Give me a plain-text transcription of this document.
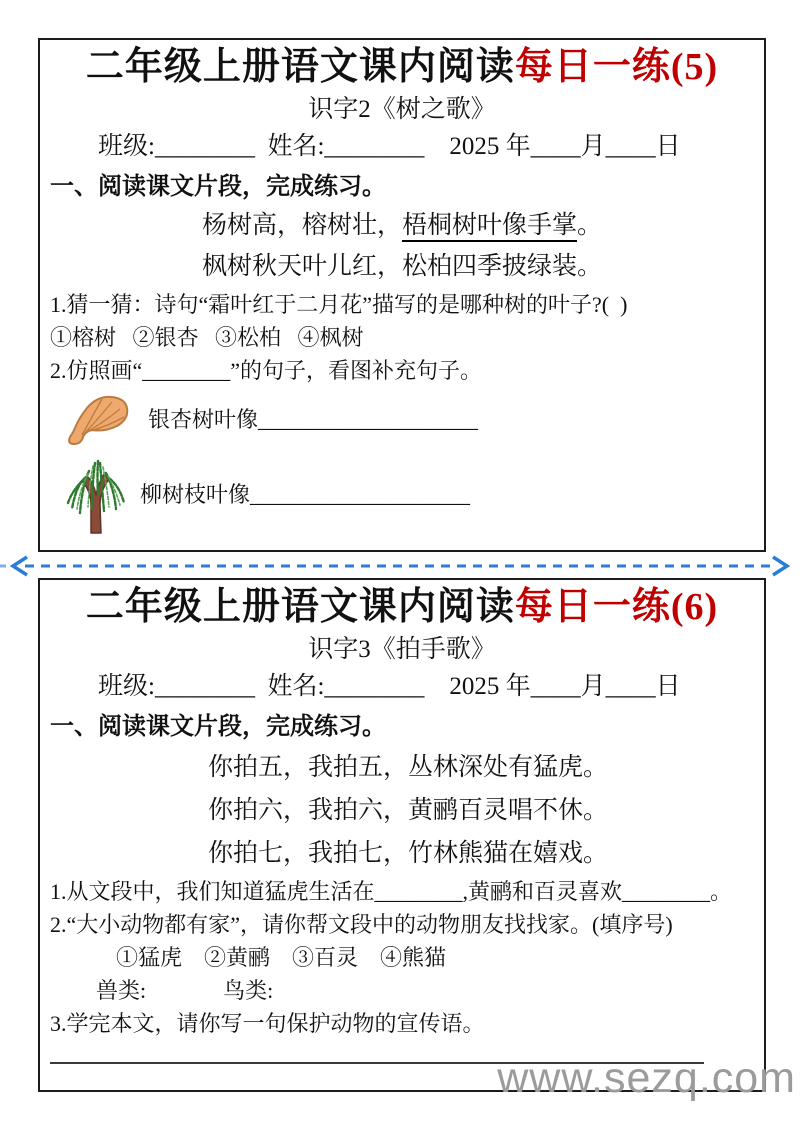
二年级上册语文课内阅读每日一练(5)
识字2《树之歌》
班级:________  姓名:________    2025 年____月____日
一、阅读课文片段，完成练习。

杨树高，榕树壮，梧桐树叶像手掌。

枫树秋天叶儿红，松柏四季披绿装。

1.猜一猜：诗句“霜叶红于二月花”描写的是哪种树的叶子?(  )

①榕树   ②银杏   ③松柏   ④枫树

2.仿照画“________”的句子，看图补充句子。

银杏树叶像____________________
柳树枝叶像____________________
二年级上册语文课内阅读每日一练(6)
识字3《拍手歌》
班级:________  姓名:________    2025 年____月____日
一、阅读课文片段，完成练习。

你拍五，我拍五，丛林深处有猛虎。

你拍六，我拍六，黄鹂百灵唱不休。

你拍七，我拍七，竹林熊猫在嬉戏。

1.从文段中，我们知道猛虎生活在________,黄鹂和百灵喜欢________。

2.“大小动物都有家”，请你帮文段中的动物朋友找找家。(填序号)

①猛虎    ②黄鹂    ③百灵    ④熊猫

兽类:              鸟类:

3.学完本文，请你写一句保护动物的宣传语。

www.sezq.com
